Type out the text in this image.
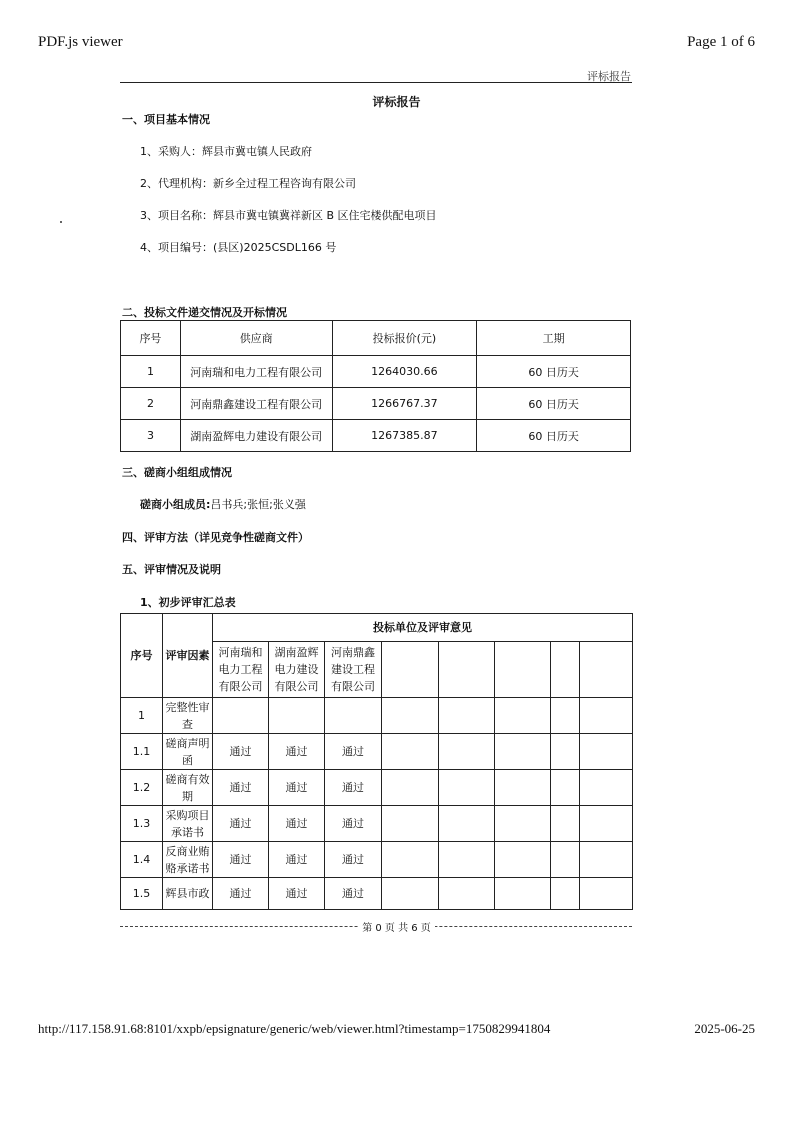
PDF.js viewer	Page 1 of 6
评标报告
评标报告
一、项目基本情况
1、采购人：辉县市冀屯镇人民政府
2、代理机构：新乡全过程工程咨询有限公司
3、项目名称：辉县市冀屯镇冀祥新区 B 区住宅楼供配电项目
4、项目编号：(县区)2025CSDL166 号
二、投标文件递交情况及开标情况
序号	供应商	投标报价(元)	工期
1	河南瑞和电力工程有限公司	1264030.66	60 日历天
2	河南鼎鑫建设工程有限公司	1266767.37	60 日历天
3	湖南盈辉电力建设有限公司	1267385.87	60 日历天
三、磋商小组组成情况
磋商小组成员:吕书兵;张恒;张义强
四、评审方法（详见竞争性磋商文件）
五、评审情况及说明
1、初步评审汇总表
序号	评审因素	投标单位及评审意见							
		河南瑞和电力工程有限公司	湖南盈辉电力建设有限公司	河南鼎鑫建设工程有限公司					
1	完整性审查								
1.1	磋商声明函	通过	通过	通过					
1.2	磋商有效期	通过	通过	通过					
1.3	采购项目承诺书	通过	通过	通过					
1.4	反商业贿赂承诺书	通过	通过	通过					
1.5	辉县市政	通过	通过	通过					
第 0 页 共 6 页
http://117.158.91.68:8101/xxpb/epsignature/generic/web/viewer.html?timestamp=1750829941804	2025-06-25
